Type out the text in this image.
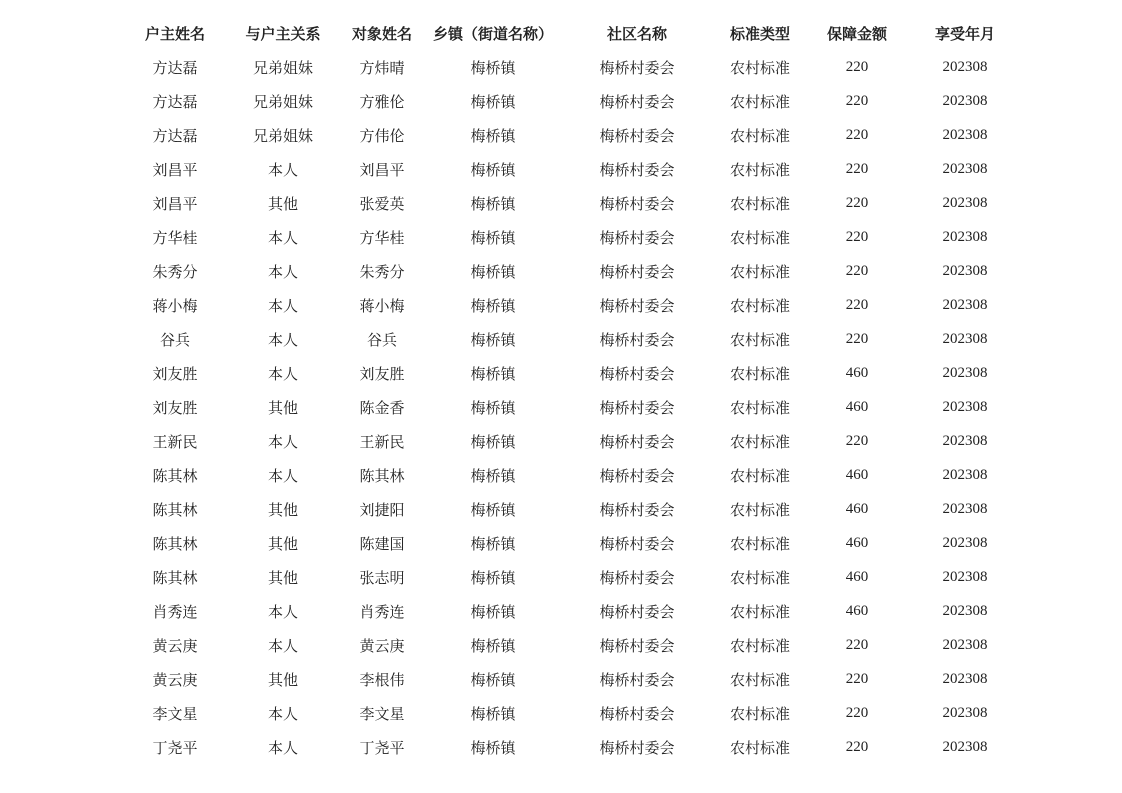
户主姓名	与户主关系	对象姓名	乡镇（街道名称）	社区名称	标准类型	保障金额	享受年月
方达磊	兄弟姐妹	方炜晴	梅桥镇	梅桥村委会	农村标准	220	202308
方达磊	兄弟姐妹	方雅伦	梅桥镇	梅桥村委会	农村标准	220	202308
方达磊	兄弟姐妹	方伟伦	梅桥镇	梅桥村委会	农村标准	220	202308
刘昌平	本人	刘昌平	梅桥镇	梅桥村委会	农村标准	220	202308
刘昌平	其他	张爱英	梅桥镇	梅桥村委会	农村标准	220	202308
方华桂	本人	方华桂	梅桥镇	梅桥村委会	农村标准	220	202308
朱秀分	本人	朱秀分	梅桥镇	梅桥村委会	农村标准	220	202308
蒋小梅	本人	蒋小梅	梅桥镇	梅桥村委会	农村标准	220	202308
谷兵	本人	谷兵	梅桥镇	梅桥村委会	农村标准	220	202308
刘友胜	本人	刘友胜	梅桥镇	梅桥村委会	农村标准	460	202308
刘友胜	其他	陈金香	梅桥镇	梅桥村委会	农村标准	460	202308
王新民	本人	王新民	梅桥镇	梅桥村委会	农村标准	220	202308
陈其林	本人	陈其林	梅桥镇	梅桥村委会	农村标准	460	202308
陈其林	其他	刘捷阳	梅桥镇	梅桥村委会	农村标准	460	202308
陈其林	其他	陈建国	梅桥镇	梅桥村委会	农村标准	460	202308
陈其林	其他	张志明	梅桥镇	梅桥村委会	农村标准	460	202308
肖秀连	本人	肖秀连	梅桥镇	梅桥村委会	农村标准	460	202308
黄云庚	本人	黄云庚	梅桥镇	梅桥村委会	农村标准	220	202308
黄云庚	其他	李根伟	梅桥镇	梅桥村委会	农村标准	220	202308
李文星	本人	李文星	梅桥镇	梅桥村委会	农村标准	220	202308
丁尧平	本人	丁尧平	梅桥镇	梅桥村委会	农村标准	220	202308
